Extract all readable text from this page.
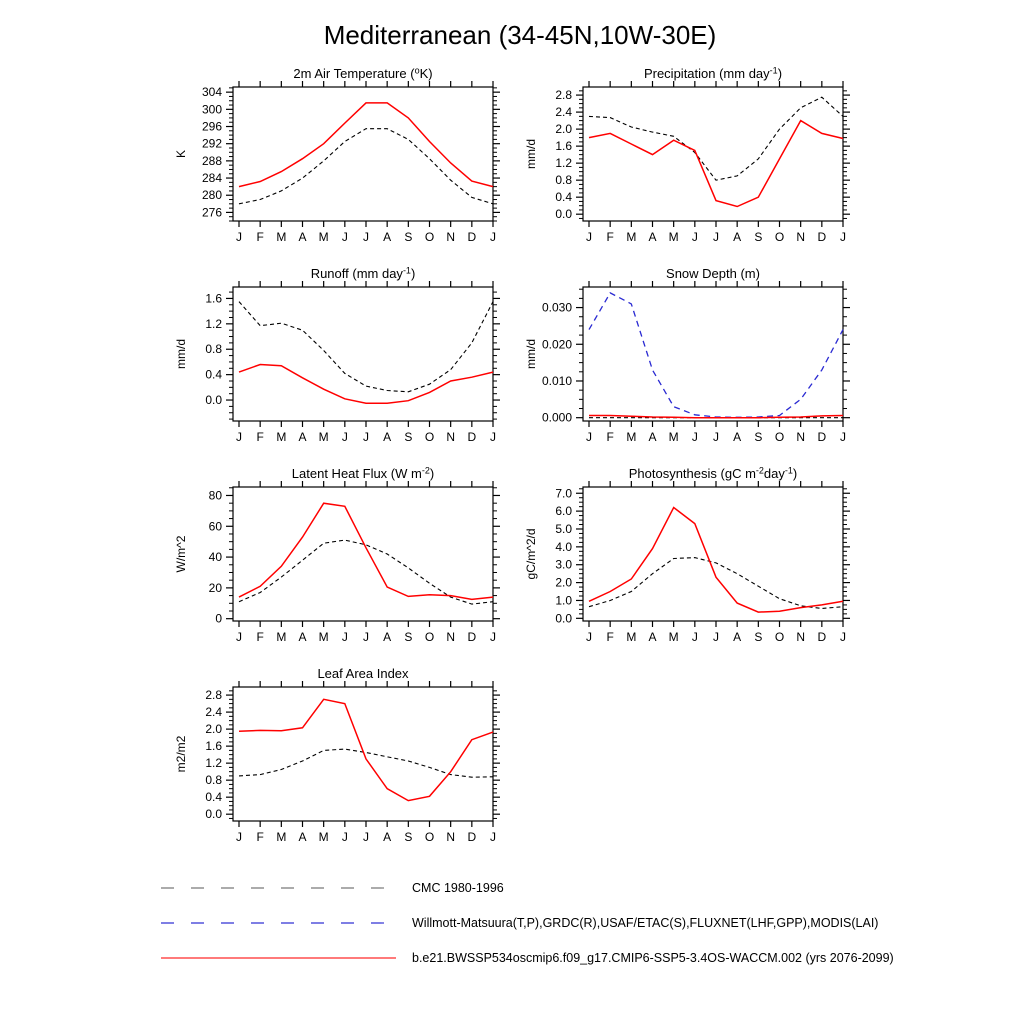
Mediterranean (34-45N,10W-30E)
276
280
284
288
292
296
300
304
J F M A M J J A S O N D J
K
2m Air Temperature ($^o$K)
0.0
0.4
0.8
1.2
1.6
2.0
2.4
2.8
J F M A M J J A S O N D J
mm/d
Precipitation (mm day$^{-1}$)
0.0
0.4
0.8
1.2
1.6
J F M A M J J A S O N D J
mm/d
Runoff (mm day$^{-1}$)
0.000
0.010
0.020
0.030
J F M A M J J A S O N D J
mm/d
Snow Depth (m)
0
20
40
60
80
J F M A M J J A S O N D J
W/m^2
Latent Heat Flux (W $m^{-2}$)
0.0
1.0
2.0
3.0
4.0
5.0
6.0
7.0
J F M A M J J A S O N D J
gC/m^2/d
Photosynthesis (gC $m^{-2}day^{-1}$)
0.0
0.4
0.8
1.2
1.6
2.0
2.4
2.8
J F M A M J J A S O N D J
m2/m2
Leaf Area Index
CMC 1980-1996
Willmott-Matsuura(T,P),GRDC(R),USAF/ETAC(S),FLUXNET(LHF,GPP),MODIS(LAI)
b.e21.BWSSP534oscmip6.f09_g17.CMIP6-SSP5-3.4OS-WACCM.002 (yrs 2076-2099)
